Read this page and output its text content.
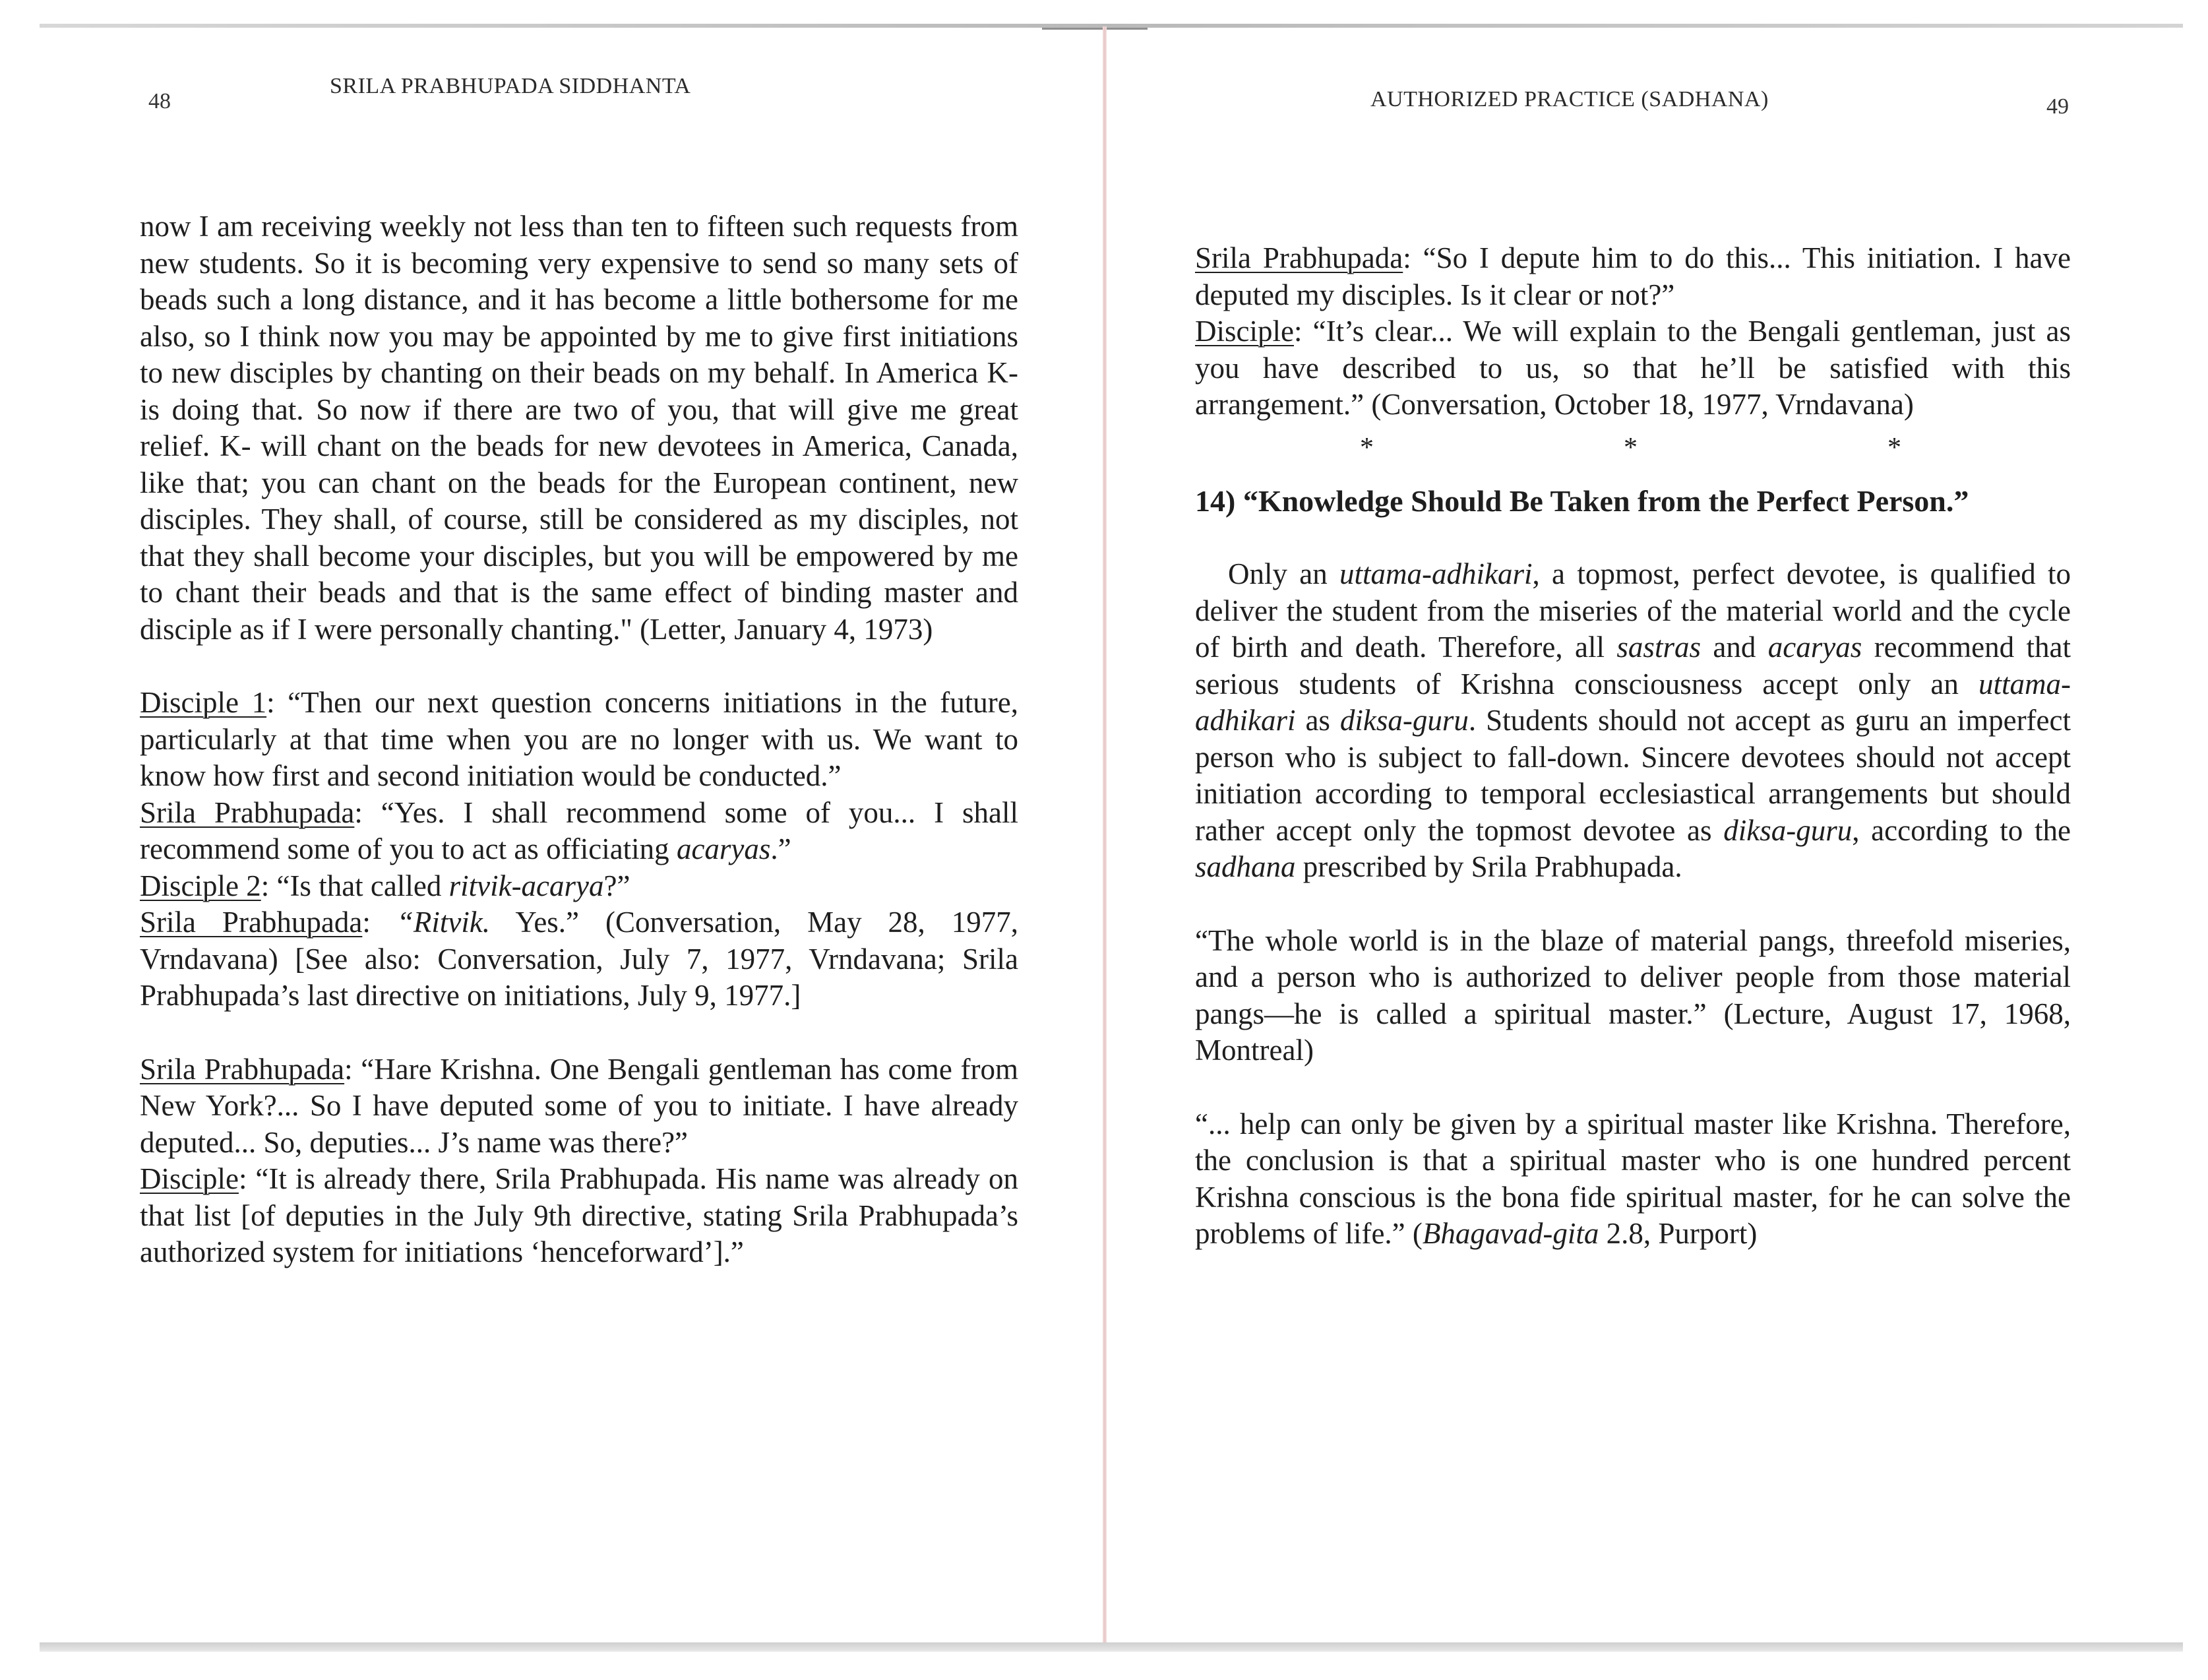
48
SRILA PRABHUPADA SIDDHANTA

now I am receiving weekly not less than ten to fifteen such requests from new students. So it is becoming very expensive to send so many sets of beads such a long distance, and it has become a little bothersome for me also, so I think now you may be appointed by me to give first initiations to new disciples by chanting on their beads on my behalf. In America K- is doing that. So now if there are two of you, that will give me great relief. K- will chant on the beads for new devotees in America, Canada, like that; you can chant on the beads for the European continent, new disciples. They shall, of course, still be considered as my disciples, not that they shall become your disciples, but you will be empowered by me to chant their beads and that is the same effect of binding master and disciple as if I were personally chanting." (Letter, January 4, 1973)

Disciple 1: “Then our next question concerns initiations in the future, particularly at that time when you are no longer with us. We want to know how first and second initiation would be conducted.”

Srila Prabhupada: “Yes. I shall recommend some of you... I shall recommend some of you to act as officiating acaryas.”

Disciple 2: “Is that called ritvik-acarya?”

Srila Prabhupada: “Ritvik. Yes.” (Conversation, May 28, 1977, Vrndavana) [See also: Conversation, July 7, 1977, Vrndavana; Srila Prabhupada’s last directive on initiations, July 9, 1977.]

Srila Prabhupada: “Hare Krishna. One Bengali gentleman has come from New York?... So I have deputed some of you to initiate. I have already deputed... So, deputies... J’s name was there?”

Disciple: “It is already there, Srila Prabhupada. His name was already on that list [of deputies in the July 9th directive, stating Srila Prabhupada’s authorized system for initiations ‘henceforward’].”

AUTHORIZED PRACTICE (SADHANA)	49

Srila Prabhupada: “So I depute him to do this... This initiation. I have deputed my disciples. Is it clear or not?”

Disciple: “It’s clear... We will explain to the Bengali gentleman, just as you have described to us, so that he’ll be satisfied with this arrangement.” (Conversation, October 18, 1977, Vrndavana)

*	*	*

14) “Knowledge Should Be Taken from the Perfect Person.”

Only an uttama-adhikari, a topmost, perfect devotee, is qualified to deliver the student from the miseries of the material world and the cycle of birth and death. Therefore, all sastras and acaryas recommend that serious students of Krishna consciousness accept only an uttama-adhikari as diksa-guru. Students should not accept as guru an imperfect person who is subject to fall-down. Sincere devotees should not accept initiation according to temporal ecclesiastical arrangements but should rather accept only the topmost devotee as diksa-guru, according to the sadhana prescribed by Srila Prabhupada.

“The whole world is in the blaze of material pangs, threefold miseries, and a person who is authorized to deliver people from those material pangs—he is called a spiritual master.” (Lecture, August 17, 1968, Montreal)

“... help can only be given by a spiritual master like Krishna. Therefore, the conclusion is that a spiritual master who is one hundred percent Krishna conscious is the bona fide spiritual master, for he can solve the problems of life.” (Bhagavad-gita 2.8, Purport)
